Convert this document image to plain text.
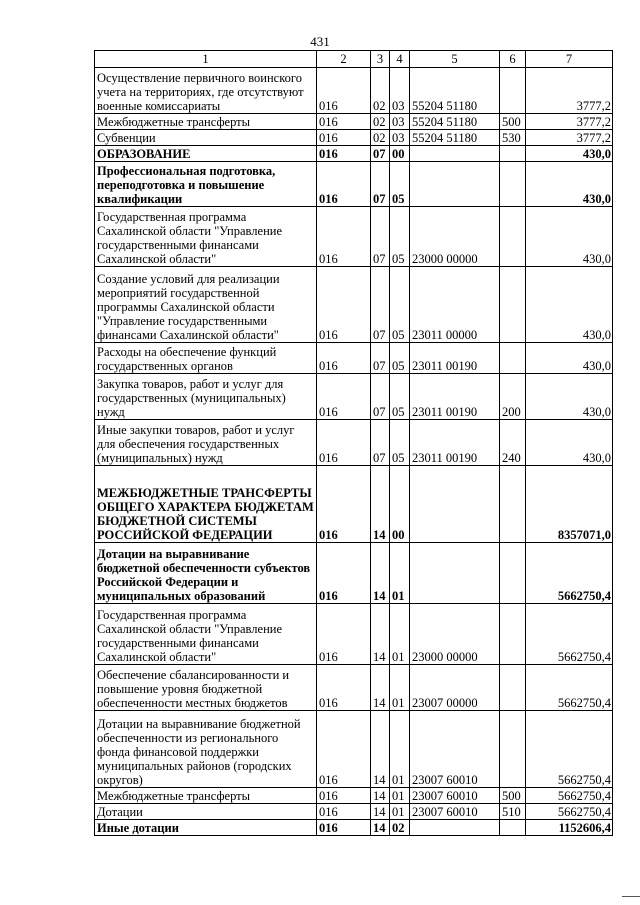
431
1	2	3	4	5	6	7
Осуществление первичного воинского учета на территориях, где отсутствуют военные комиссариаты	016	02	03	55204 51180		3777,2
Межбюджетные трансферты	016	02	03	55204 51180	500	3777,2
Субвенции	016	02	03	55204 51180	530	3777,2
ОБРАЗОВАНИЕ	016	07	00			430,0
Профессиональная подготовка, переподготовка и повышение квалификации	016	07	05			430,0
Государственная программа Сахалинской области "Управление государственными финансами Сахалинской области"	016	07	05	23000 00000		430,0
Создание условий для реализации мероприятий государственной программы Сахалинской области "Управление государственными финансами Сахалинской области"	016	07	05	23011 00000		430,0
Расходы на обеспечение функций государственных органов	016	07	05	23011 00190		430,0
Закупка товаров, работ и услуг для государственных (муниципальных) нужд	016	07	05	23011 00190	200	430,0
Иные закупки товаров, работ и услуг для обеспечения государственных (муниципальных) нужд	016	07	05	23011 00190	240	430,0
МЕЖБЮДЖЕТНЫЕ ТРАНСФЕРТЫ ОБЩЕГО ХАРАКТЕРА БЮДЖЕТАМ БЮДЖЕТНОЙ СИСТЕМЫ РОССИЙСКОЙ ФЕДЕРАЦИИ	016	14	00			8357071,0
Дотации на выравнивание бюджетной обеспеченности субъектов Российской Федерации и муниципальных образований	016	14	01			5662750,4
Государственная программа Сахалинской области "Управление государственными финансами Сахалинской области"	016	14	01	23000 00000		5662750,4
Обеспечение сбалансированности и повышение уровня бюджетной обеспеченности местных бюджетов	016	14	01	23007 00000		5662750,4
Дотации на выравнивание бюджетной обеспеченности из регионального фонда финансовой поддержки муниципальных районов (городских округов)	016	14	01	23007 60010		5662750,4
Межбюджетные трансферты	016	14	01	23007 60010	500	5662750,4
Дотации	016	14	01	23007 60010	510	5662750,4
Иные дотации	016	14	02			1152606,4
